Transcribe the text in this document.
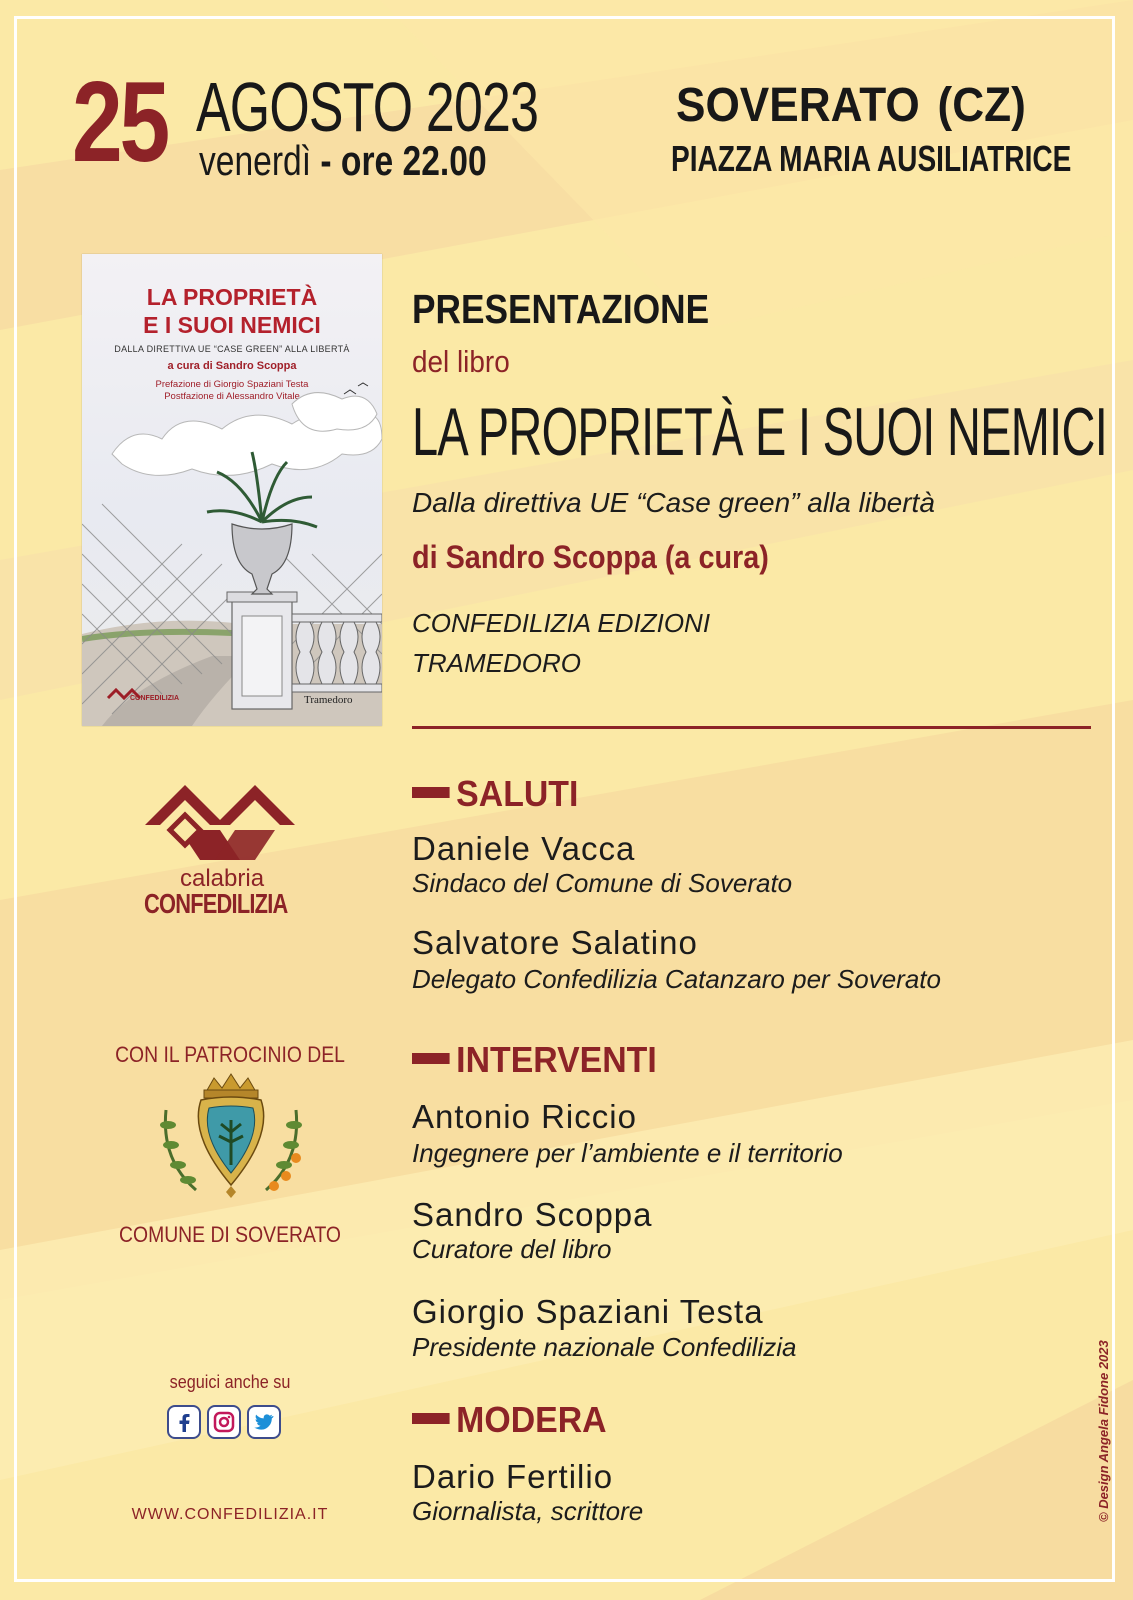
25 AGOSTO 2023
venerdì - ore 22.00
SOVERATO (CZ)
PIAZZA MARIA AUSILIATRICE
LA PROPRIETÀ
E I SUOI NEMICI
DALLA DIRETTIVA UE “CASE GREEN” ALLA LIBERTÀ
a cura di Sandro Scoppa
Prefazione di Giorgio Spaziani Testa
Postfazione di Alessandro Vitale
CONFEDILIZIA	Tramedoro
PRESENTAZIONE
del libro
LA PROPRIETÀ E I SUOI NEMICI
Dalla direttiva UE “Case green” alla libertà
di Sandro Scoppa (a cura)
CONFEDILIZIA EDIZIONI
TRAMEDORO
SALUTI
Daniele Vacca
Sindaco del Comune di Soverato
Salvatore Salatino
Delegato Confedilizia Catanzaro per Soverato
INTERVENTI
Antonio Riccio
Ingegnere per l’ambiente e il territorio
Sandro Scoppa
Curatore del libro
Giorgio Spaziani Testa
Presidente nazionale Confedilizia
MODERA
Dario Fertilio
Giornalista, scrittore
calabria
CONFEDILIZIA
CON IL PATROCINIO DEL
COMUNE DI SOVERATO
seguici anche su
WWW.CONFEDILIZIA.IT	© Design Angela Fidone 2023
